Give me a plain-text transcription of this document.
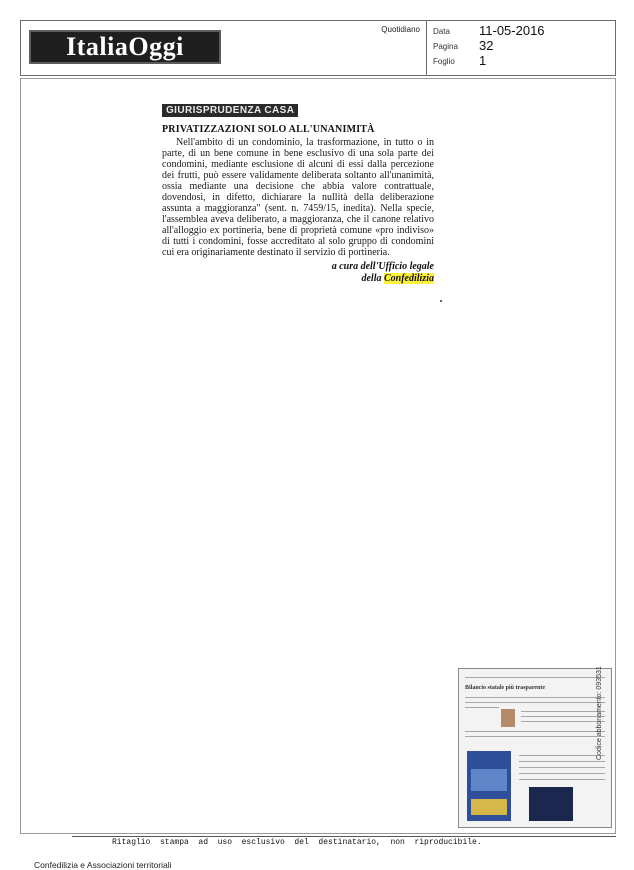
ItaliaOggi
Quotidiano Data 11-05-2016
Pagina 32
Foglio 1
GIURISPRUDENZA CASA
PRIVATIZZAZIONI SOLO ALL'UNANIMITÀ
Nell'ambito di un condominio, la trasformazione, in tutto o in parte, di un bene comune in bene esclusivo di una sola parte dei condomini, mediante esclusione di alcuni di essi dalla percezione dei frutti, può essere validamente deliberata soltanto all'unanimità, ossia mediante una decisione che abbia valore contrattuale, dovendosi, in difetto, dichiarare la nullità della deliberazione assunta a maggioranza" (sent. n. 7459/15, inedita). Nella specie, l'assemblea aveva deliberato, a maggioranza, che il canone relativo all'alloggio ex portineria, bene di proprietà comune «pro indiviso» di tutti i condomini, fosse accreditato al solo gruppo di condomini cui era originariamente destinato il servizio di portineria.
a cura dell'Ufficio legale
della Confedilizia
Bilancio statale più trasparente	Codice abbonamento: 093531
Ritaglio  stampa  ad  uso  esclusivo  del  destinatario,  non  riproducibile.
Confedilizia e Associazioni territoriali
